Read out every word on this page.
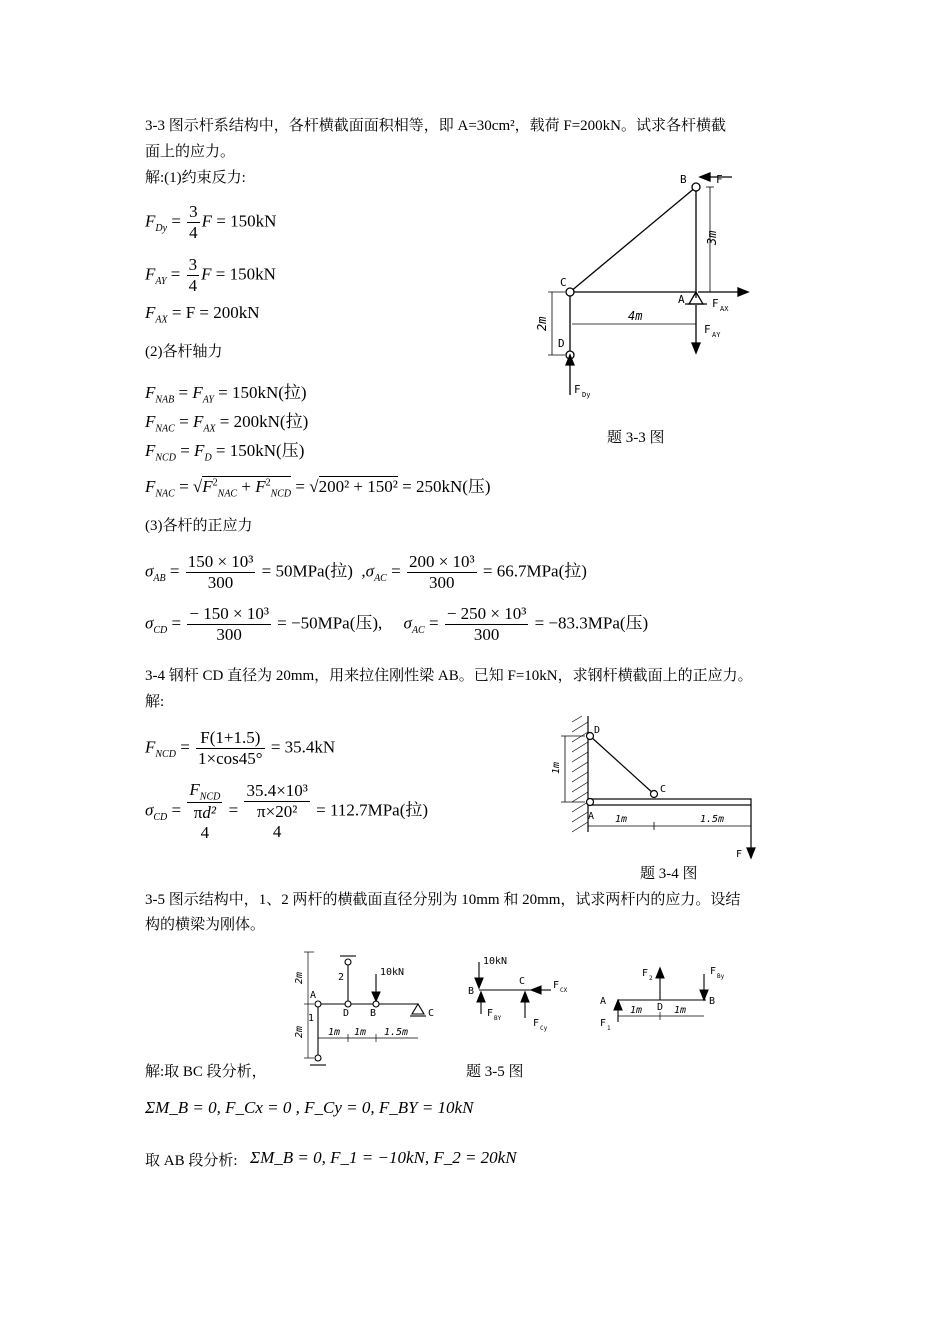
3-3 图示杆系结构中，各杆横截面面积相等，即 A=30cm²，载荷 F=200kN。试求各杆横截
面上的应力。
解:(1)约束反力:
$F_{Dy} = \frac{3}{4}$ F = 150kN
$F_{AY} = \frac{3}{4}$ F = 150kN
$F_{AX} = F = 200kN$
(2)各杆轴力
$F_{NAB} = F_{AY} = 150kN$(拉)
$F_{NAC} = F_{AX} = 200kN$(拉)
$F_{NCD} = F_D = 150kN$(压)
$F_{NAC} = √F^2_{NAC} + F^2_{NCD} = √200^2 + 150^2 = 250kN$(压)
(3)各杆的正应力
$\sigma_{AB} = \frac{\text{150 × 10³}}{300} = 50MPa$(拉)  $,\sigma_{AC} = \frac{\text{200 × 10³}}{300} = 66.7MPa$(拉)
$\sigma_{CD} = \frac{\text{− 150 × 10³}}{300} = -50MPa$(压), $\sigma_{AC} = \frac{\text{− 250 × 10³}}{300} = -83.3MPa$(压)
B	F
C
A
D
F AX
F AY
F Dy
3m
4m
2m
题 3-3 图
3-4 钢杆 CD 直径为 20mm，用来拉住刚性梁 AB。已知 F=10kN，求钢杆横截面上的正应力。
解:
$F_{NCD} = \frac{F(1+1.5)}{1\times\cos 45^\circ} = 35.4kN$
$\sigma_{CD}$ =
$F_{NCD}$
πd²
4
=
35.4×10³
π×20²
4
= 112.7MPa(拉)
D
C
A
F
1m	1.5m
1m
题 3-4 图
3-5 图示结构中，1、2 两杆的横截面直径分别为 10mm 和 20mm，试求两杆内的应力。设结
构的横梁为刚体。
10kN
A
D B	C
1
2
2m
2m 1m 1m 1.5m
10kN
B
C	F CX
F BY	F Cy
F 2
F By
A	B
D
F 1
1m	1m
解:取 BC 段分析，	题 3-5 图
ΣM_B = 0, F_Cx = 0 , F_Cy = 0, F_BY = 10kN
取 AB 段分析: ΣM_B = 0, F_1 = −10kN, F_2 = 20kN
